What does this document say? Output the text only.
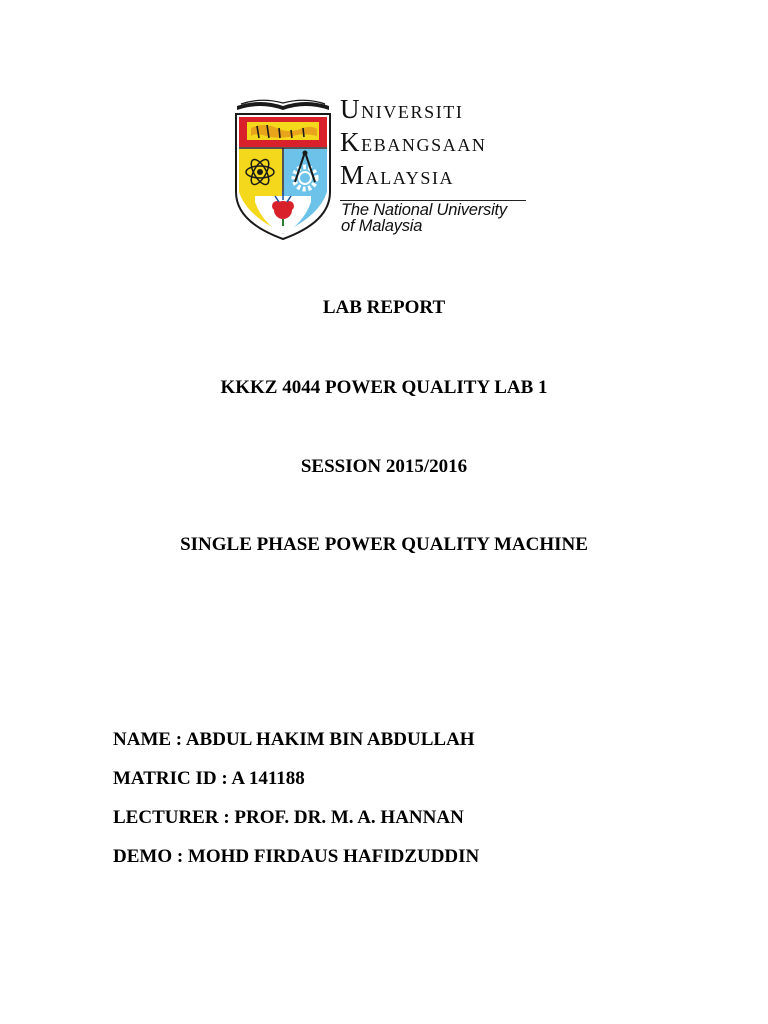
UNIVERSITI
KEBANGSAAN
MALAYSIA
The National University
of Malaysia
LAB REPORT
KKKZ 4044 POWER QUALITY LAB 1
SESSION 2015/2016
SINGLE PHASE POWER QUALITY MACHINE
NAME : ABDUL HAKIM BIN ABDULLAH
MATRIC ID : A 141188
LECTURER : PROF. DR. M. A. HANNAN
DEMO : MOHD FIRDAUS HAFIDZUDDIN
